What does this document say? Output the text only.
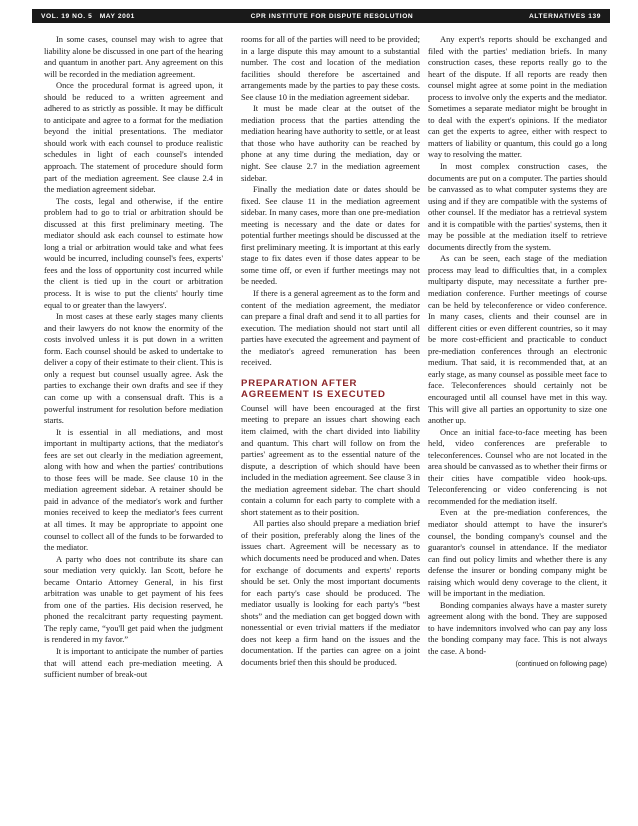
VOL. 19 NO. 5 MAY 2001	CPR INSTITUTE FOR DISPUTE RESOLUTION	ALTERNATIVES 139

In some cases, counsel may wish to agree that liability alone be discussed in one part of the hearing and quantum in another part. Any agreement on this will be recorded in the mediation agreement.

Once the procedural format is agreed upon, it should be reduced to a written agreement and adhered to as strictly as possible. It may be difficult to anticipate and agree to a format for the mediation beyond the initial presentations. The mediator should work with each counsel to produce realistic schedules in light of each counsel's intended approach. The statement of procedure should form part of the mediation agreement. See clause 2.4 in the mediation agreement sidebar.

The costs, legal and otherwise, if the entire problem had to go to trial or arbitration should be discussed at this first preliminary meeting. The mediator should ask each counsel to estimate how long a trial or arbitration would take and what fees would be incurred, including counsel's fees, experts' fees and the loss of opportunity cost incurred while the client is tied up in the court or arbitration process. It is wise to put the clients' hourly time equal to or greater than the lawyers'.

In most cases at these early stages many clients and their lawyers do not know the enormity of the costs involved unless it is put down in a written form. Each counsel should be asked to undertake to deliver a copy of their estimate to their client. This is only a request but counsel usually agree. Ask the parties to exchange their own drafts and see if they can come up with a consensual draft. This is a powerful instrument for resolution before mediation starts.

It is essential in all mediations, and most important in multiparty actions, that the mediator's fees are set out clearly in the mediation agreement, along with how and when the parties' contributions to those fees will be made. See clause 10 in the mediation agreement sidebar. A retainer should be paid in advance of the mediator's work and further monies received to keep the mediator's fees current at all times. It may be appropriate to appoint one counsel to collect all of the funds to be forwarded to the mediator.

A party who does not contribute its share can sour mediation very quickly. Ian Scott, before he became Ontario Attorney General, in his first arbitration was unable to get payment of his fees from one of the parties. His decision reserved, he phoned the recalcitrant party requesting payment. The reply came, “you'll get paid when the judgment is rendered in my favor.”

It is important to anticipate the number of parties that will attend each pre-mediation meeting. A sufficient number of break-out

rooms for all of the parties will need to be provided; in a large dispute this may amount to a substantial number. The cost and location of the mediation facilities should therefore be ascertained and arrangements made by the parties to pay these costs. See clause 10 in the mediation agreement sidebar.

It must be made clear at the outset of the mediation process that the parties attending the mediation hearing have authority to settle, or at least that those who have authority can be reached by phone at any time during the mediation, day or night. See clause 2.7 in the mediation agreement sidebar.

Finally the mediation date or dates should be fixed. See clause 11 in the mediation agreement sidebar. In many cases, more than one pre-mediation meeting is necessary and the date or dates for potential further meetings should be discussed at the first preliminary meeting. It is important at this early stage to fix dates even if those dates appear to be some time off, or even if further meetings may not be needed.

If there is a general agreement as to the form and content of the mediation agreement, the mediator can prepare a final draft and send it to all parties for execution. The mediation should not start until all parties have executed the agreement and payment of the mediator's agreed remuneration has been received.

PREPARATION AFTER AGREEMENT IS EXECUTED

Counsel will have been encouraged at the first meeting to prepare an issues chart showing each item claimed, with the chart divided into liability and quantum. This chart will follow on from the parties' agreement as to the essential nature of the dispute, a description of which should have been included in the mediation agreement. See clause 3 in the mediation agreement sidebar. The chart should contain a column for each party to complete with a short statement as to their position.

All parties also should prepare a mediation brief of their position, preferably along the lines of the issues chart. Agreement will be necessary as to which documents need be produced and when. Dates for exchange of documents and experts' reports should be set. Only the most important documents for each party's case should be produced. The mediator usually is looking for each party's “best shots” and the mediation can get bogged down with nonessential or even trivial matters if the mediator does not keep a firm hand on the issues and the documentation. If the parties can agree on a joint documents brief then this should be produced.

Any expert's reports should be exchanged and filed with the parties' mediation briefs. In many construction cases, these reports really go to the heart of the dispute. If all reports are ready then counsel might agree at some point in the mediation process to involve only the experts and the mediator. Sometimes a separate mediator might be brought in to deal with the expert's opinions. If the mediator can get the experts to agree, either with respect to matters of liability or quantum, this could go a long way to resolving the matter.

In most complex construction cases, the documents are put on a computer. The parties should be canvassed as to what computer systems they are using and if they are compatible with the systems of other counsel. If the mediator has a retrieval system and it is compatible with the parties' systems, then it may be possible at the mediation itself to retrieve documents directly from the system.

As can be seen, each stage of the mediation process may lead to difficulties that, in a complex multiparty dispute, may necessitate a further pre-mediation conference. Further meetings of course can be held by teleconference or video conference. In many cases, clients and their counsel are in different cities or even different countries, so it may be more cost-efficient and practicable to conduct pre-mediation conferences through an electronic medium. That said, it is recommended that, at an early stage, as many counsel as possible meet face to face. Teleconferences should certainly not be encouraged until all counsel have met in this way. This will give all parties an opportunity to size one another up.

Once an initial face-to-face meeting has been held, video conferences are preferable to teleconferences. Counsel who are not located in the area should be canvassed as to whether their firms or their cities have compatible video hook-ups. Teleconferencing or video conferencing is not recommended for the mediation itself.

Even at the pre-mediation conferences, the mediator should attempt to have the insurer's counsel, the bonding company's counsel and the guarantor's counsel in attendance. If the mediator can find out policy limits and whether there is any defense the insurer or bonding company might be raising which would deny coverage to the client, it will be important in the mediation.

Bonding companies always have a master surety agreement along with the bond. They are supposed to have indemnitors involved who can pay any loss the bonding company may face. This is not always the case. A bond-

(continued on following page)
